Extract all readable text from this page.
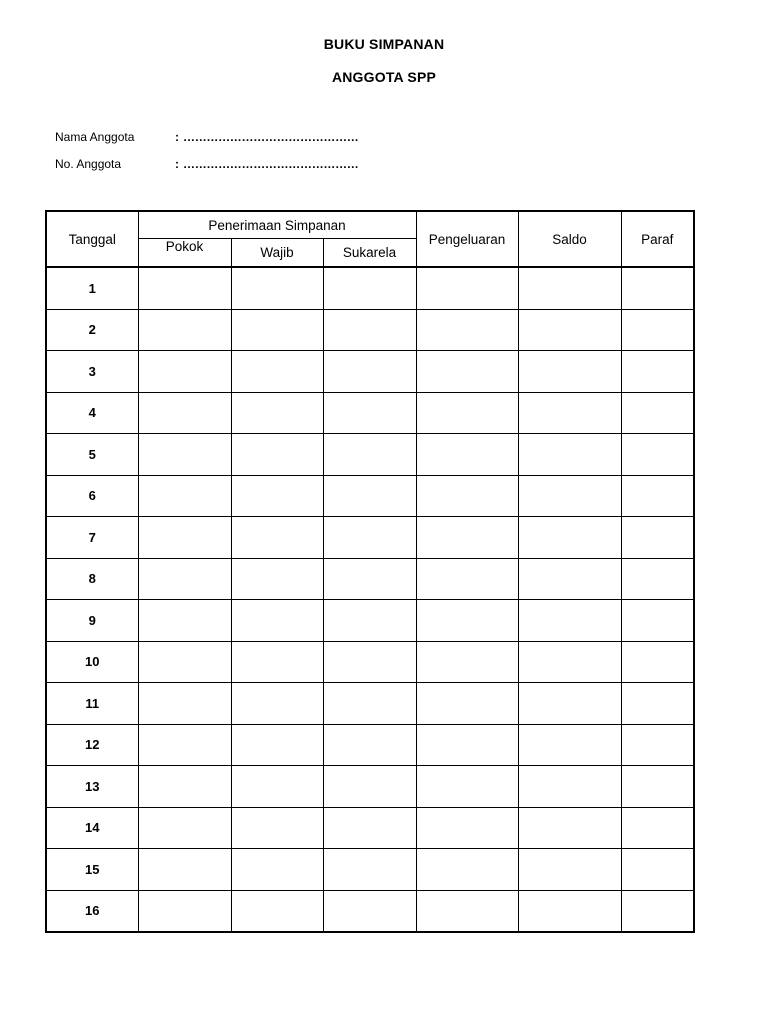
BUKU SIMPANAN
ANGGOTA SPP
Nama Anggota	: ………………………………………
No. Anggota	: ………………………………………
Tanggal	Penerimaan Simpanan			Pengeluaran	Saldo	Paraf
	Pokok	Wajib	Sukarela			
1						
2						
3						
4						
5						
6						
7						
8						
9						
10						
11						
12						
13						
14						
15						
16						
